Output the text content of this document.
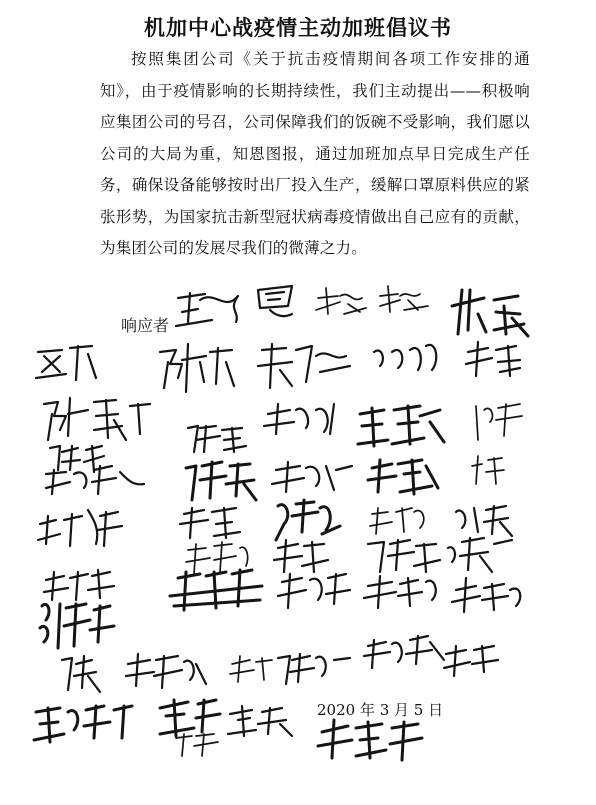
机加中心战疫情主动加班倡议书
按照集团公司《关于抗击疫情期间各项工作安排的通知》，由于疫情影响的长期持续性，我们主动提出——积极响应集团公司的号召，公司保障我们的饭碗不受影响，我们愿以公司的大局为重，知恩图报，通过加班加点早日完成生产任务，确保设备能够按时出厂投入生产，缓解口罩原料供应的紧张形势，为国家抗击新型冠状病毒疫情做出自己应有的贡献，为集团公司的发展尽我们的微薄之力。
响应者
2020 年 3 月 5 日
